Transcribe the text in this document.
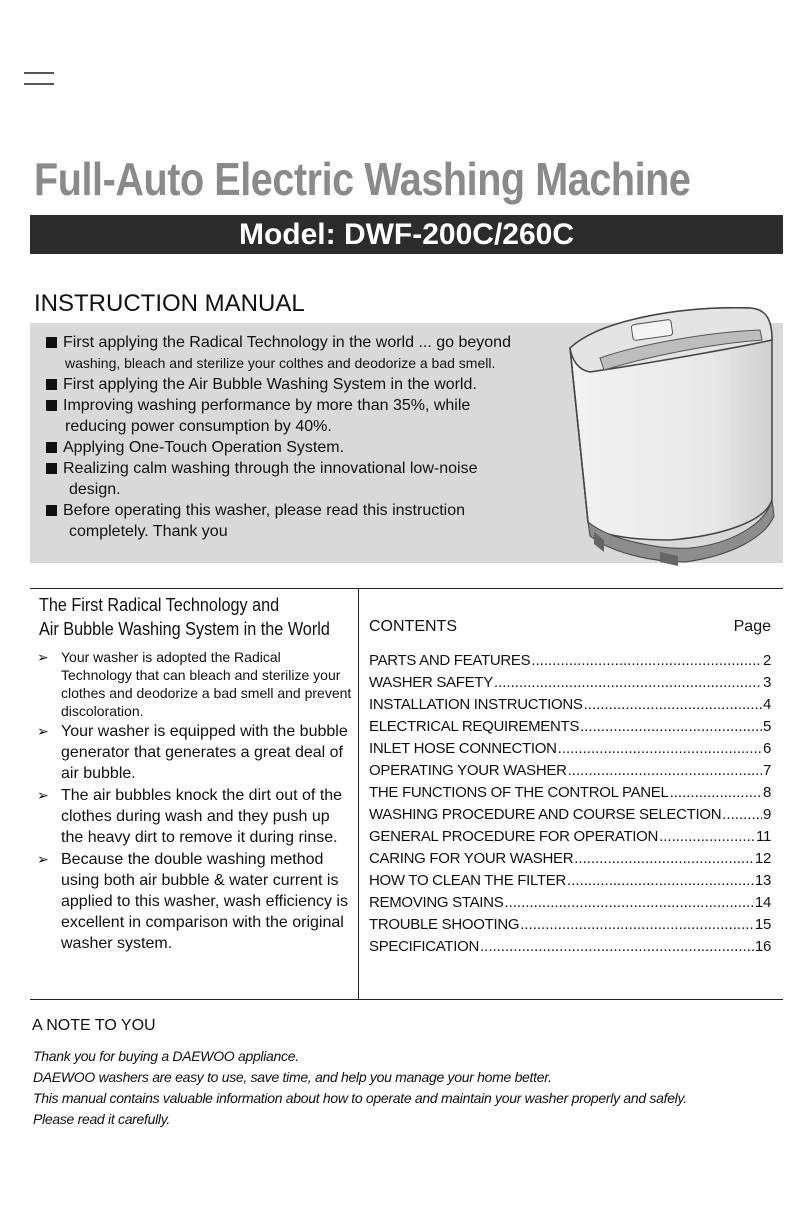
Full-Auto Electric Washing Machine
Model: DWF-200C/260C
INSTRUCTION MANUAL
First applying the Radical Technology in the world ... go beyond
washing, bleach and sterilize your colthes and deodorize a bad smell.
First applying the Air Bubble Washing System in the world.
Improving washing performance by more than 35%, while
reducing power consumption by 40%.
Applying One-Touch Operation System.
Realizing calm washing through the innovational low-noise
design.
Before operating this washer, please read this instruction
completely. Thank you
The First Radical Technology and
Air Bubble Washing System in the World
➢ Your washer is adopted the Radical Technology that can bleach and sterilize your clothes and deodorize a bad smell and prevent discoloration.
➢ Your washer is equipped with the bubble generator that generates a great deal of air bubble.
➢ The air bubbles knock the dirt out of the clothes during wash and they push up the heavy dirt to remove it during rinse.
➢ Because the double washing method using both air bubble & water current is applied to this washer, wash efficiency is excellent in comparison with the original washer system.
CONTENTS	Page
PARTS AND FEATURES .....	2
WASHER SAFETY .....	3
INSTALLATION INSTRUCTIONS .....	4
ELECTRICAL REQUIREMENTS .....	5
INLET HOSE CONNECTION .....	6
OPERATING YOUR WASHER .....	7
THE FUNCTIONS OF THE CONTROL PANEL .....	8
WASHING PROCEDURE AND COURSE SELECTION .....	9
GENERAL PROCEDURE FOR OPERATION .....	11
CARING FOR YOUR WASHER .....	12
HOW TO CLEAN THE FILTER .....	13
REMOVING STAINS .....	14
TROUBLE SHOOTING .....	15
SPECIFICATION .....	16
A NOTE TO YOU

Thank you for buying a DAEWOO appliance.

DAEWOO washers are easy to use, save time, and help you manage your home better.

This manual contains valuable information about how to operate and maintain your washer properly and safely.

Please read it carefully.
